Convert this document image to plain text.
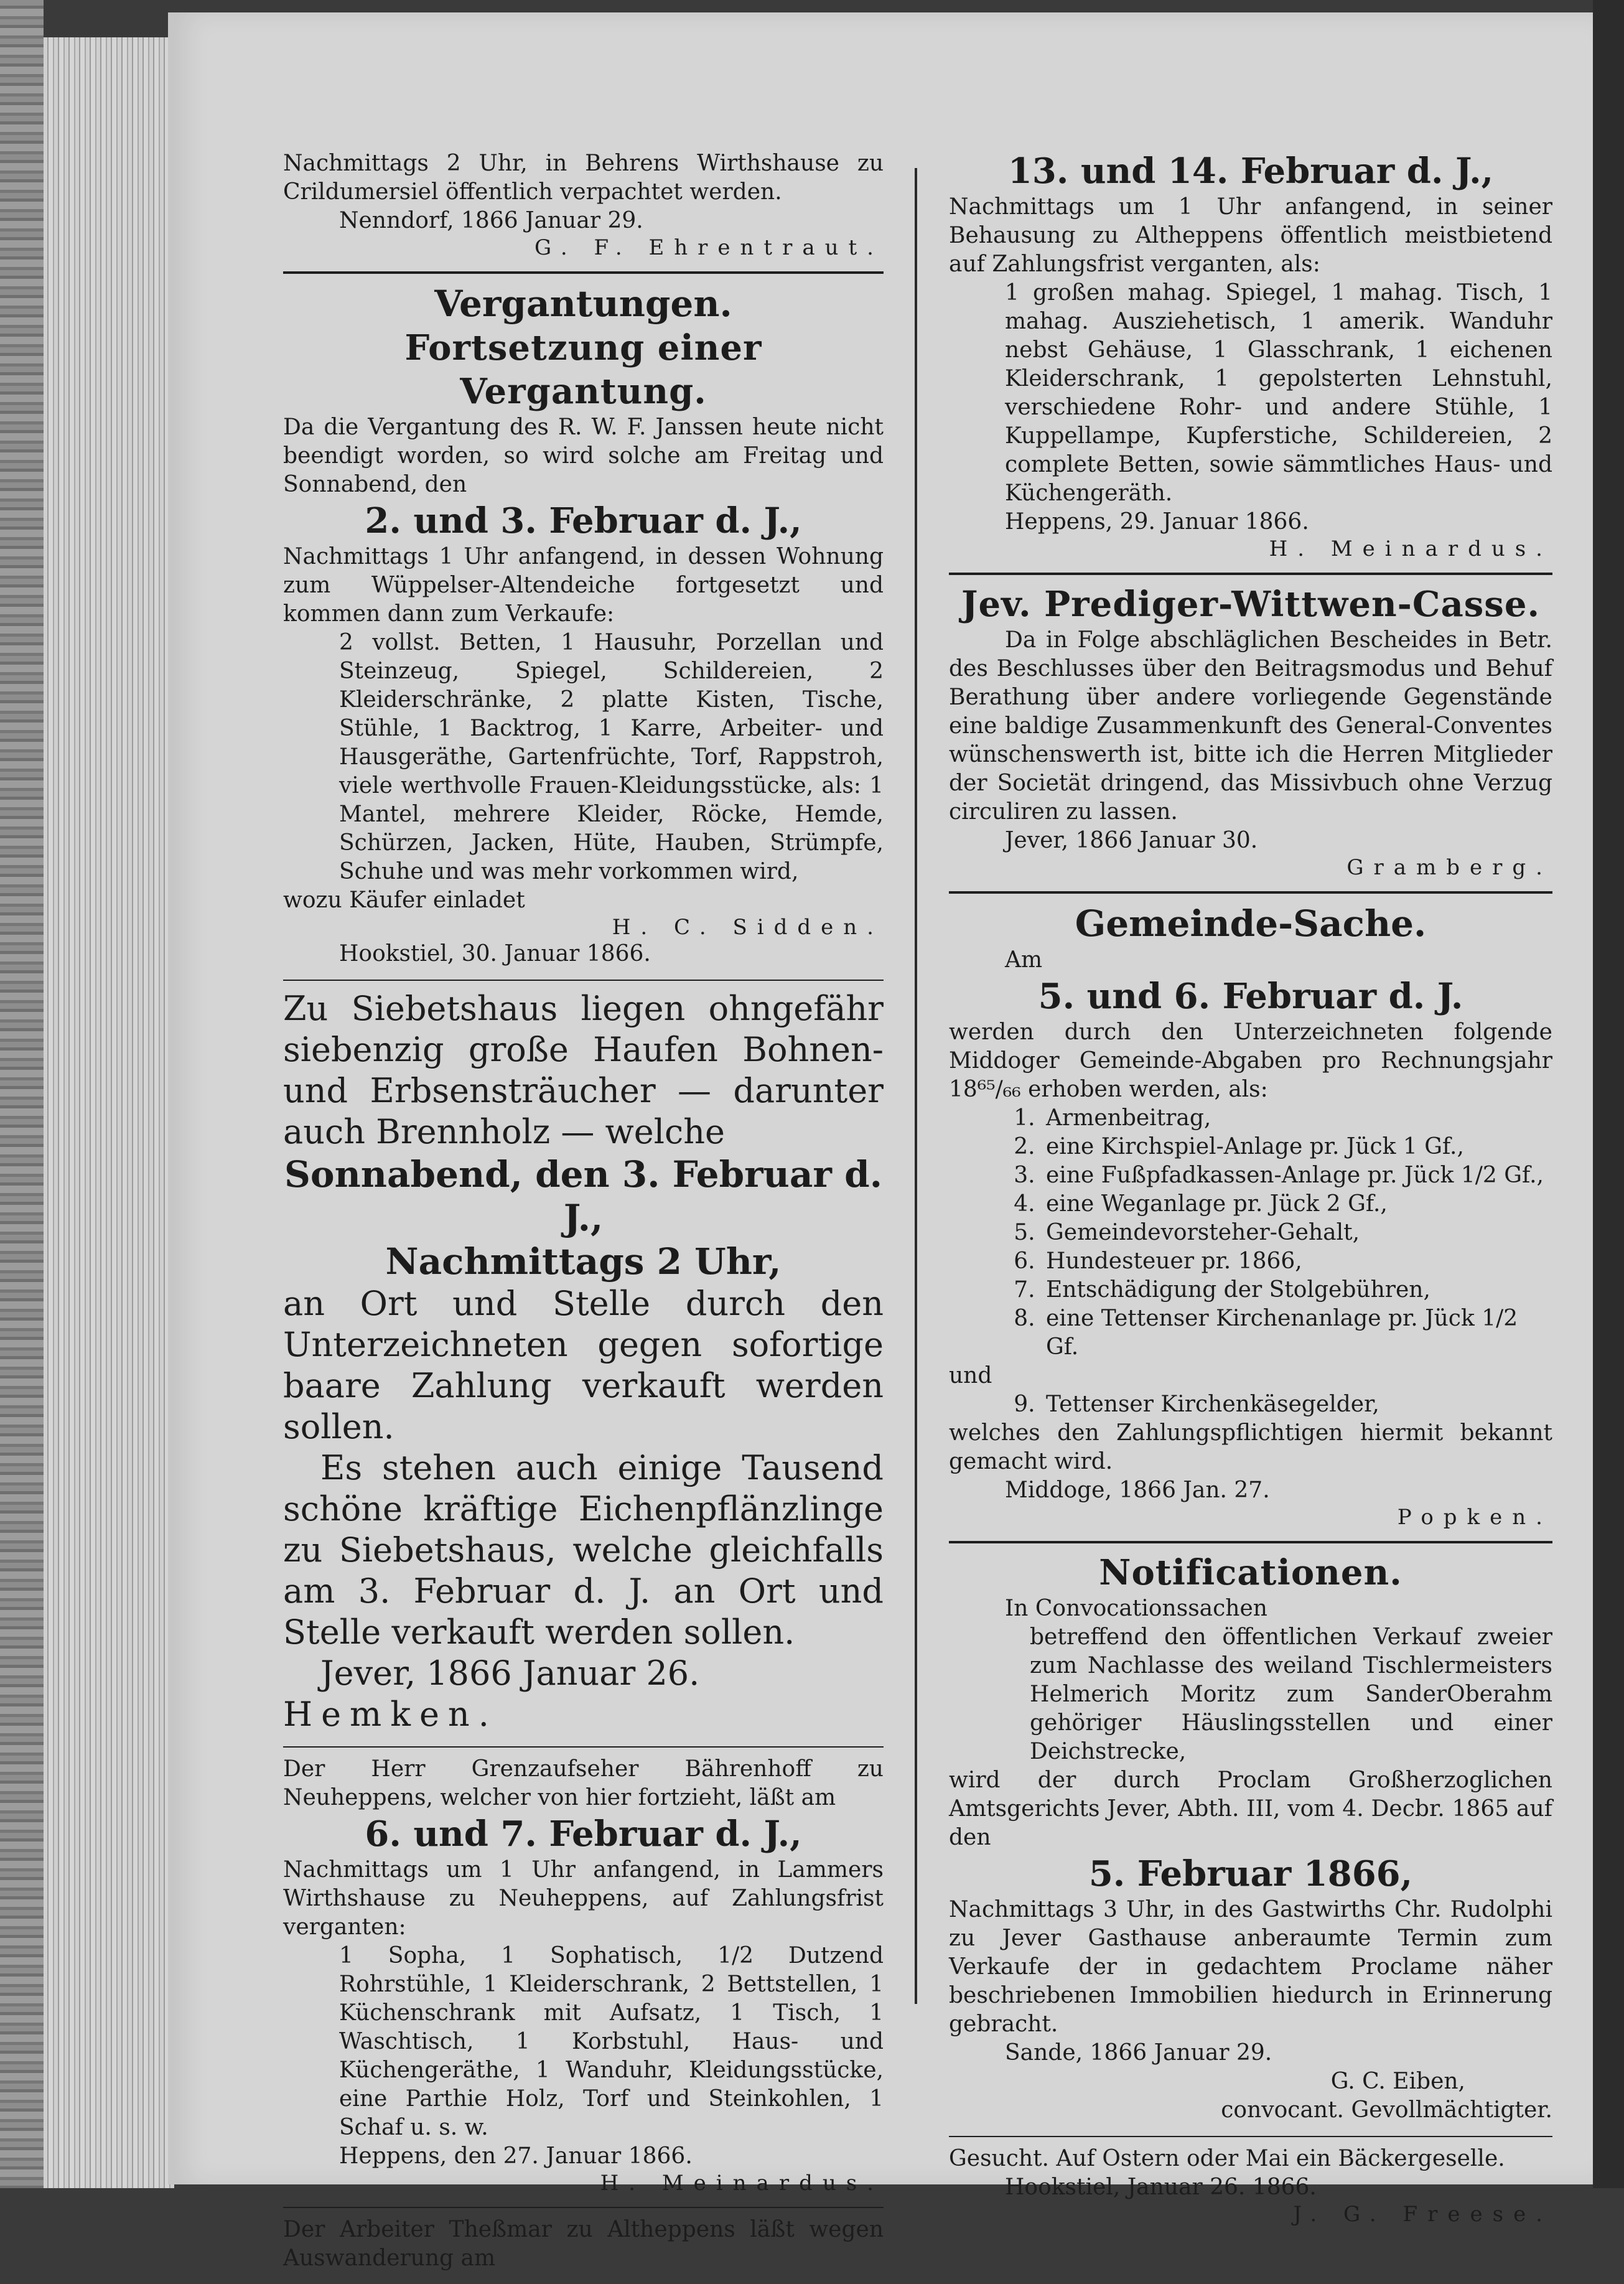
Nachmittags 2 Uhr, in Behrens Wirthshause zu Crildumersiel öffentlich verpachtet werden.

Nenndorf, 1866 Januar 29.

G. F. Ehrentraut.

Vergantungen.

Fortsetzung einer Vergantung.

Da die Vergantung des R. W. F. Janssen heute nicht beendigt worden, so wird solche am Freitag und Sonnabend, den

2. und 3. Februar d. J.,

Nachmittags 1 Uhr anfangend, in dessen Wohnung zum Wüppelser-Altendeiche fortgesetzt und kommen dann zum Verkaufe:

2 vollst. Betten, 1 Hausuhr, Porzellan und Steinzeug, Spiegel, Schildereien, 2 Kleiderschränke, 2 platte Kisten, Tische, Stühle, 1 Backtrog, 1 Karre, Arbeiter- und Hausgeräthe, Gartenfrüchte, Torf, Rappstroh, viele werthvolle Frauen-Kleidungsstücke, als: 1 Mantel, mehrere Kleider, Röcke, Hemde, Schürzen, Jacken, Hüte, Hauben, Strümpfe, Schuhe und was mehr vorkommen wird,

wozu Käufer einladet

H. C. Sidden.

Hookstiel, 30. Januar 1866.

Zu Siebetshaus liegen ohngefähr siebenzig große Haufen Bohnen- und Erbsensträucher — darunter auch Brennholz — welche

Sonnabend, den 3. Februar d. J.,

Nachmittags 2 Uhr,

an Ort und Stelle durch den Unterzeichneten gegen sofortige baare Zahlung verkauft werden sollen.

Es stehen auch einige Tausend schöne kräftige Eichenpflänzlinge zu Siebetshaus, welche gleichfalls am 3. Februar d. J. an Ort und Stelle verkauft werden sollen.

Jever, 1866 Januar 26.

Hemken.

Der Herr Grenzaufseher Bährenhoff zu Neuheppens, welcher von hier fortzieht, läßt am

6. und 7. Februar d. J.,

Nachmittags um 1 Uhr anfangend, in Lammers Wirthshause zu Neuheppens, auf Zahlungsfrist verganten:

1 Sopha, 1 Sophatisch, 1/2 Dutzend Rohrstühle, 1 Kleiderschrank, 2 Bettstellen, 1 Küchenschrank mit Aufsatz, 1 Tisch, 1 Waschtisch, 1 Korbstuhl, Haus- und Küchengeräthe, 1 Wanduhr, Kleidungsstücke, eine Parthie Holz, Torf und Steinkohlen, 1 Schaf u. s. w.

Heppens, den 27. Januar 1866.

H. Meinardus.

Der Arbeiter Theßmar zu Altheppens läßt wegen Auswanderung am

13. und 14. Februar d. J.,

Nachmittags um 1 Uhr anfangend, in seiner Behausung zu Altheppens öffentlich meistbietend auf Zahlungsfrist verganten, als:

1 großen mahag. Spiegel, 1 mahag. Tisch, 1 mahag. Ausziehetisch, 1 amerik. Wanduhr nebst Gehäuse, 1 Glasschrank, 1 eichenen Kleiderschrank, 1 gepolsterten Lehnstuhl, verschiedene Rohr- und andere Stühle, 1 Kuppellampe, Kupferstiche, Schildereien, 2 complete Betten, sowie sämmtliches Haus- und Küchengeräth.

Heppens, 29. Januar 1866.

H. Meinardus.

Jev. Prediger-Wittwen-Casse.

Da in Folge abschläglichen Bescheides in Betr. des Beschlusses über den Beitragsmodus und Behuf Berathung über andere vorliegende Gegenstände eine baldige Zusammenkunft des General-Conventes wünschenswerth ist, bitte ich die Herren Mitglieder der Societät dringend, das Missivbuch ohne Verzug circuliren zu lassen.

Jever, 1866 Januar 30.

Gramberg.

Gemeinde-Sache.

Am

5. und 6. Februar d. J.

werden durch den Unterzeichneten folgende Middoger Gemeinde-Abgaben pro Rechnungsjahr 18⁶⁵/₆₆ erhoben werden, als:

1. Armenbeitrag,
2. eine Kirchspiel-Anlage pr. Jück 1 Gf.,
3. eine Fußpfadkassen-Anlage pr. Jück 1/2 Gf.,
4. eine Weganlage pr. Jück 2 Gf.,
5. Gemeindevorsteher-Gehalt,
6. Hundesteuer pr. 1866,
7. Entschädigung der Stolgebühren,
8. eine Tettenser Kirchenanlage pr. Jück 1/2 Gf.

und

9. Tettenser Kirchenkäsegelder,

welches den Zahlungspflichtigen hiermit bekannt gemacht wird.

Middoge, 1866 Jan. 27.

Popken.

Notificationen.

In Convocationssachen

betreffend den öffentlichen Verkauf zweier zum Nachlasse des weiland Tischlermeisters Helmerich Moritz zum SanderOberahm gehöriger Häuslingsstellen und einer Deichstrecke,

wird der durch Proclam Großherzoglichen Amtsgerichts Jever, Abth. III, vom 4. Decbr. 1865 auf den

5. Februar 1866,

Nachmittags 3 Uhr, in des Gastwirths Chr. Rudolphi zu Jever Gasthause anberaumte Termin zum Verkaufe der in gedachtem Proclame näher beschriebenen Immobilien hiedurch in Erinnerung gebracht.

Sande, 1866 Januar 29.

G. C. Eiben,

convocant. Gevollmächtigter.

Gesucht. Auf Ostern oder Mai ein Bäckergeselle.

Hookstiel, Januar 26. 1866.

J. G. Freese.
